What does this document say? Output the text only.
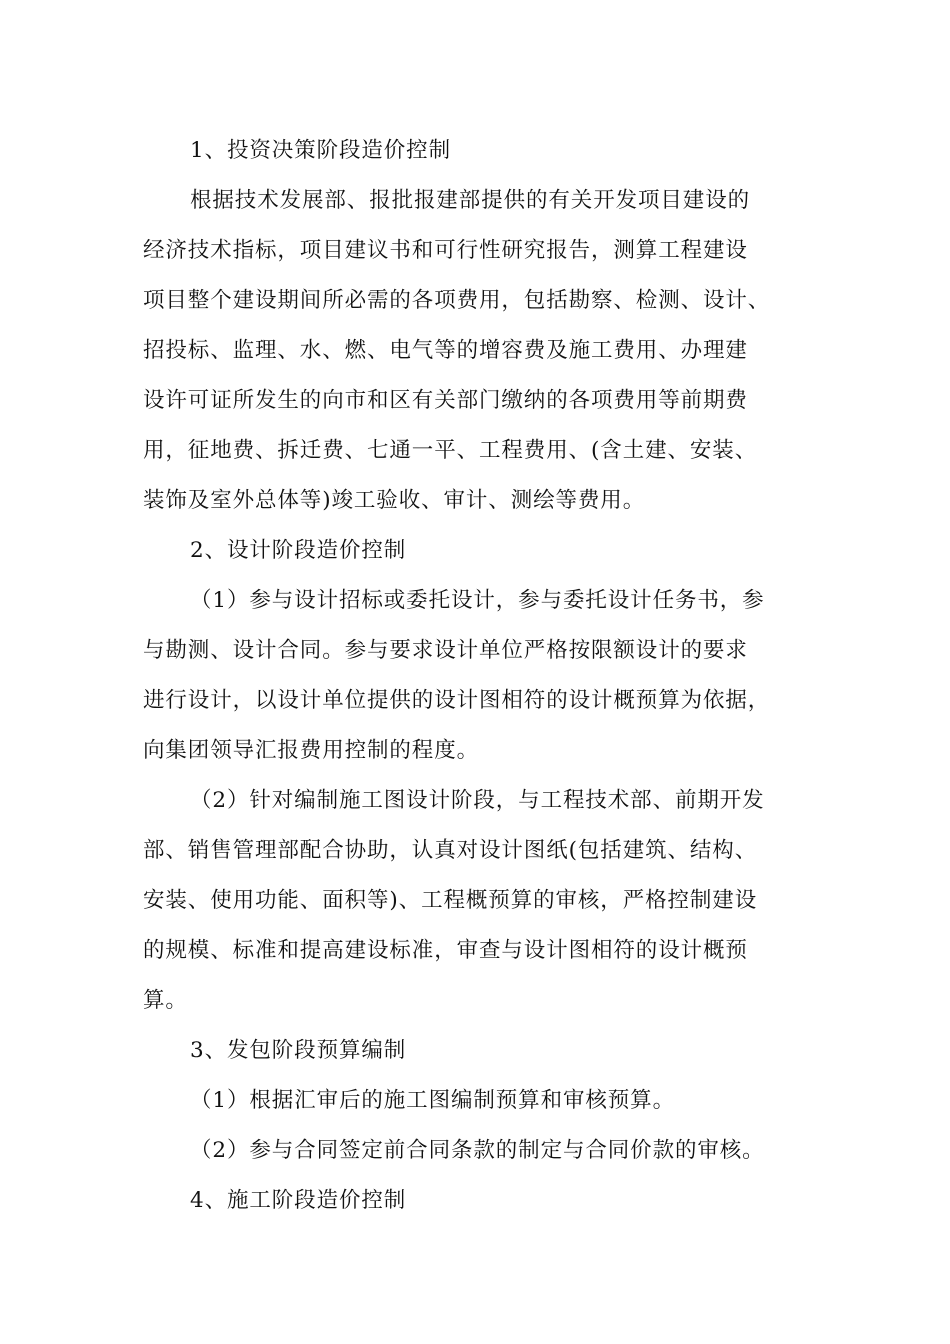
1、投资决策阶段造价控制
根据技术发展部、报批报建部提供的有关开发项目建设的
经济技术指标，项目建议书和可行性研究报告，测算工程建设
项目整个建设期间所必需的各项费用，包括勘察、检测、设计、
招投标、监理、水、燃、电气等的增容费及施工费用、办理建
设许可证所发生的向市和区有关部门缴纳的各项费用等前期费
用，征地费、拆迁费、七通一平、工程费用、(含土建、安装、
装饰及室外总体等)竣工验收、审计、测绘等费用。
2、设计阶段造价控制
（1）参与设计招标或委托设计，参与委托设计任务书，参
与勘测、设计合同。参与要求设计单位严格按限额设计的要求
进行设计，以设计单位提供的设计图相符的设计概预算为依据，
向集团领导汇报费用控制的程度。
（2）针对编制施工图设计阶段，与工程技术部、前期开发
部、销售管理部配合协助，认真对设计图纸(包括建筑、结构、
安装、使用功能、面积等)、工程概预算的审核，严格控制建设
的规模、标准和提高建设标准，审查与设计图相符的设计概预
算。
3、发包阶段预算编制
（1）根据汇审后的施工图编制预算和审核预算。
（2）参与合同签定前合同条款的制定与合同价款的审核。
4、施工阶段造价控制
